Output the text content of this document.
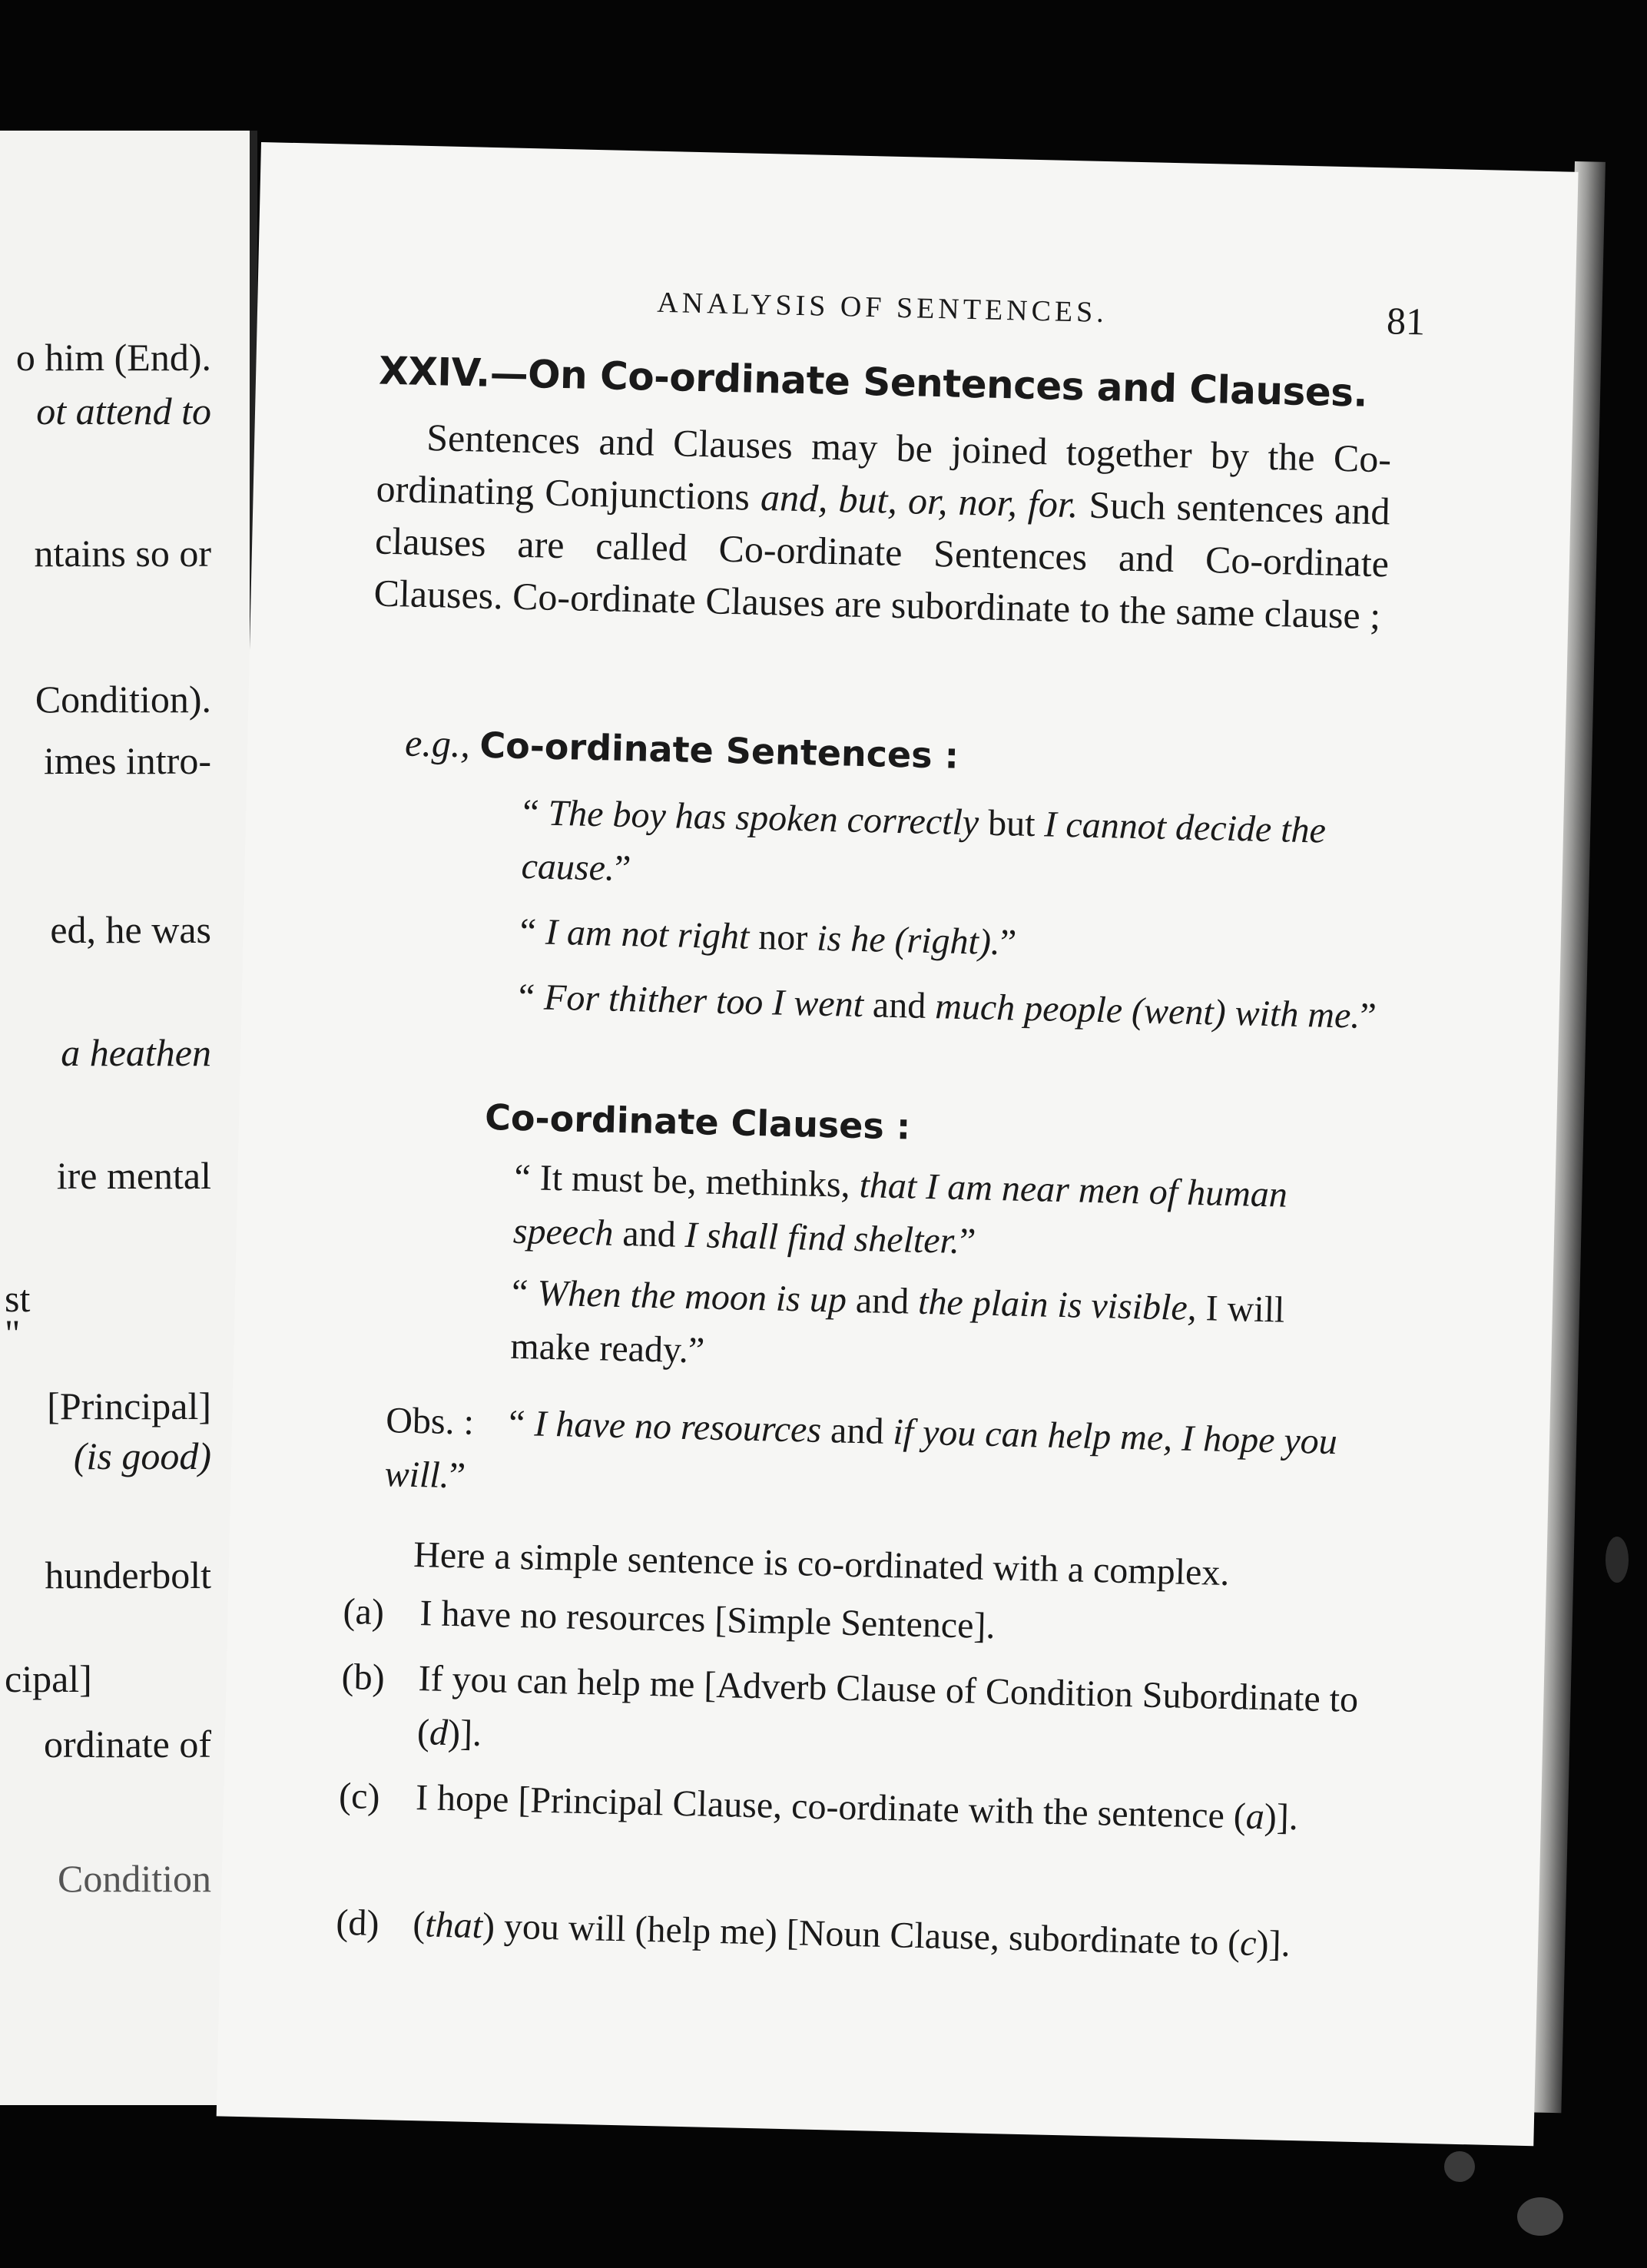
o him (End).
ot attend to
ntains so or
Condition).
imes intro-
ed, he was
a heathen
ire mental
st
"
[Principal]
(is good)
hunderbolt
cipal]
ordinate of
Condition
ANALYSIS OF SENTENCES.	81
XXIV.—On Co-ordinate Sentences and Clauses.

Sentences and Clauses may be joined together by the Co-ordinating Conjunctions and, but, or, nor, for. Such sentences and clauses are called Co-ordinate Sentences and Co-ordinate Clauses. Co-ordinate Clauses are subordinate to the same clause ;

e.g., Co-ordinate Sentences :
“ The boy has spoken correctly but I cannot decide the cause.”
“ I am not right nor is he (right).”
“ For thither too I went and much people (went) with me.”
Co-ordinate Clauses :
“ It must be, methinks, that I am near men of human speech and I shall find shelter.”
“ When the moon is up and the plain is visible, I will make ready.”
Obs. : “ I have no resources and if you can help me, I hope you will.”
Here a simple sentence is co-ordinated with a complex.
(a) I have no resources [Simple Sentence].
(b) If you can help me [Adverb Clause of Condition Subordinate to (d)].
(c) I hope [Principal Clause, co-ordinate with the sentence (a)].
(d) (that) you will (help me) [Noun Clause, subordinate to (c)].
